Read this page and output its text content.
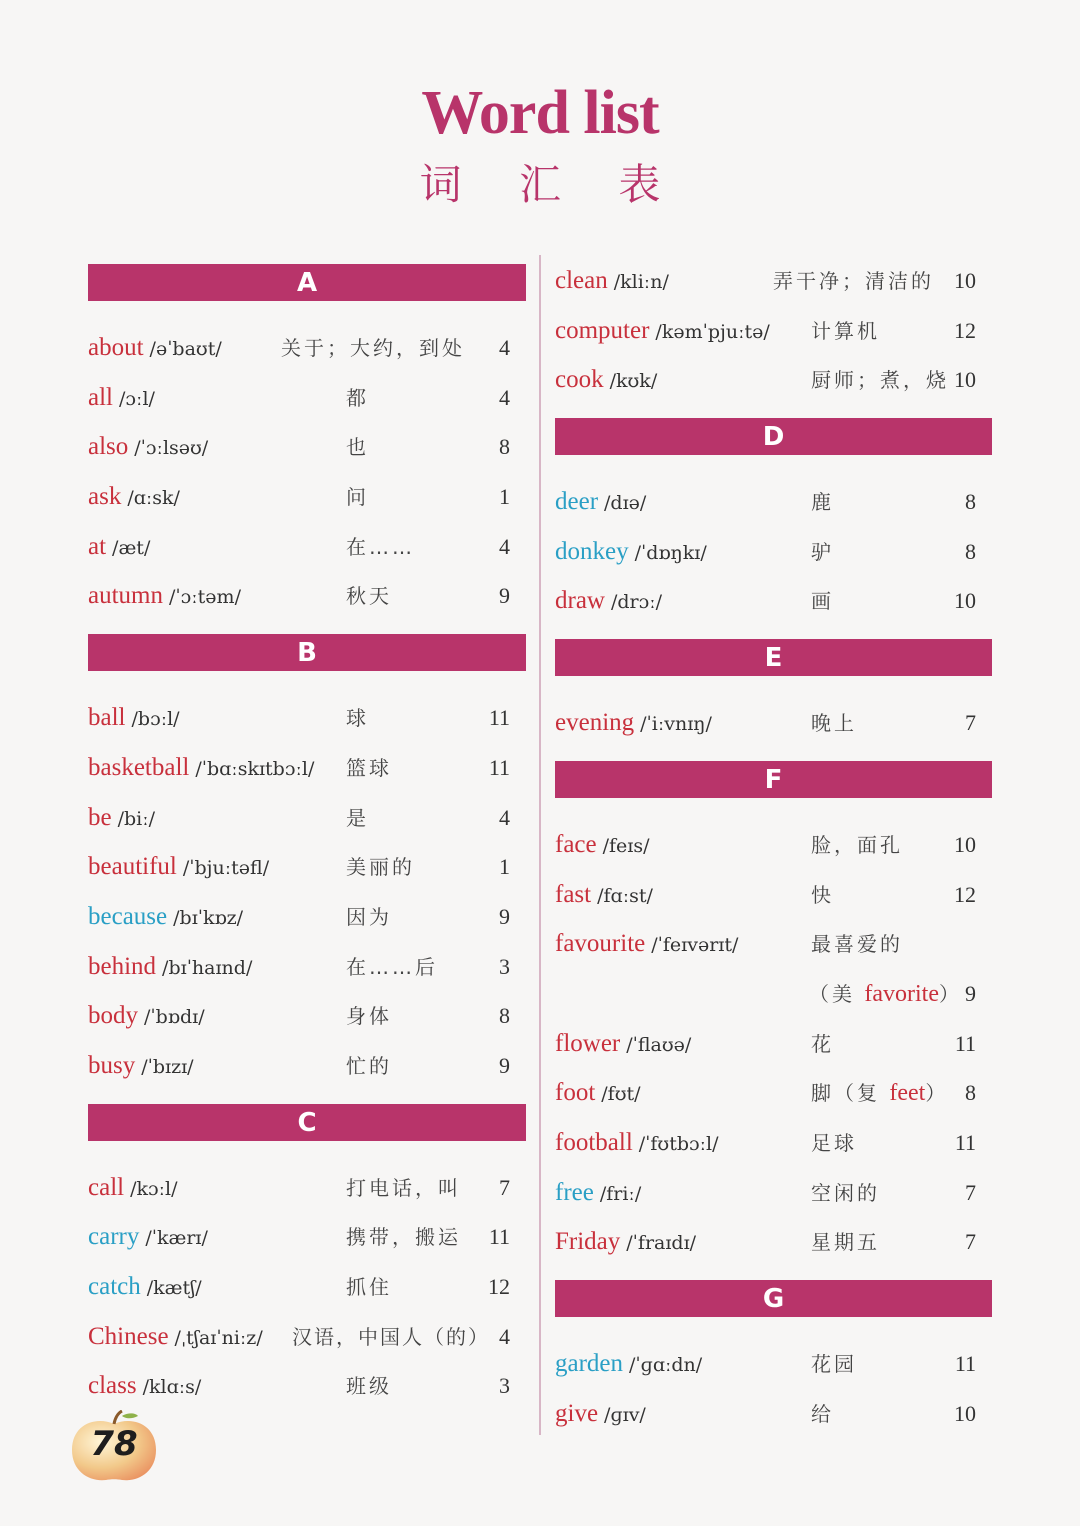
Word list
词 汇 表
A
about /əˈbaʊt/	关于；大约，到处 4
all /ɔːl/	都	4
also /ˈɔːlsəʊ/	也	8
ask /ɑːsk/	问	1
at /æt/	在……	4
autumn /ˈɔːtəm/	秋天	9
B
ball /bɔːl/	球	11
basketball /ˈbɑːskɪtbɔːl/ 篮球	11
be /biː/	是	4
beautiful /ˈbjuːtəfl/	美丽的	1
because /bɪˈkɒz/	因为	9
behind /bɪˈhaɪnd/	在……后	3
body /ˈbɒdɪ/	身体	8
busy /ˈbɪzɪ/	忙的	9
C
call /kɔːl/	打电话，叫 7
carry /ˈkærɪ/	携带，搬运 11
catch /kætʃ/	抓住	12
Chinese /ˌtʃaɪˈniːz/ 汉语，中国人（的） 4
class /klɑːs/	班级	3
clean /kliːn/	弄干净；清洁的 10
computer /kəmˈpjuːtə/ 计算机	12
cook /kʊk/	厨师；煮，烧 10
D
deer /dɪə/	鹿	8
donkey /ˈdɒŋkɪ/	驴	8
draw /drɔː/	画	10
E
evening /ˈiːvnɪŋ/	晚上	7
F
face /feɪs/	脸，面孔 10
fast /fɑːst/	快	12
favourite /ˈfeɪvərɪt/	最喜爱的
（美 favorite） 9
flower /ˈflaʊə/	花	11
foot /fʊt/	脚（复 feet） 8
football /ˈfʊtbɔːl/	足球	11
free /friː/	空闲的	7
Friday /ˈfraɪdɪ/	星期五	7
G
garden /ˈɡɑːdn/	花园	11
give /ɡɪv/	给	10
78
